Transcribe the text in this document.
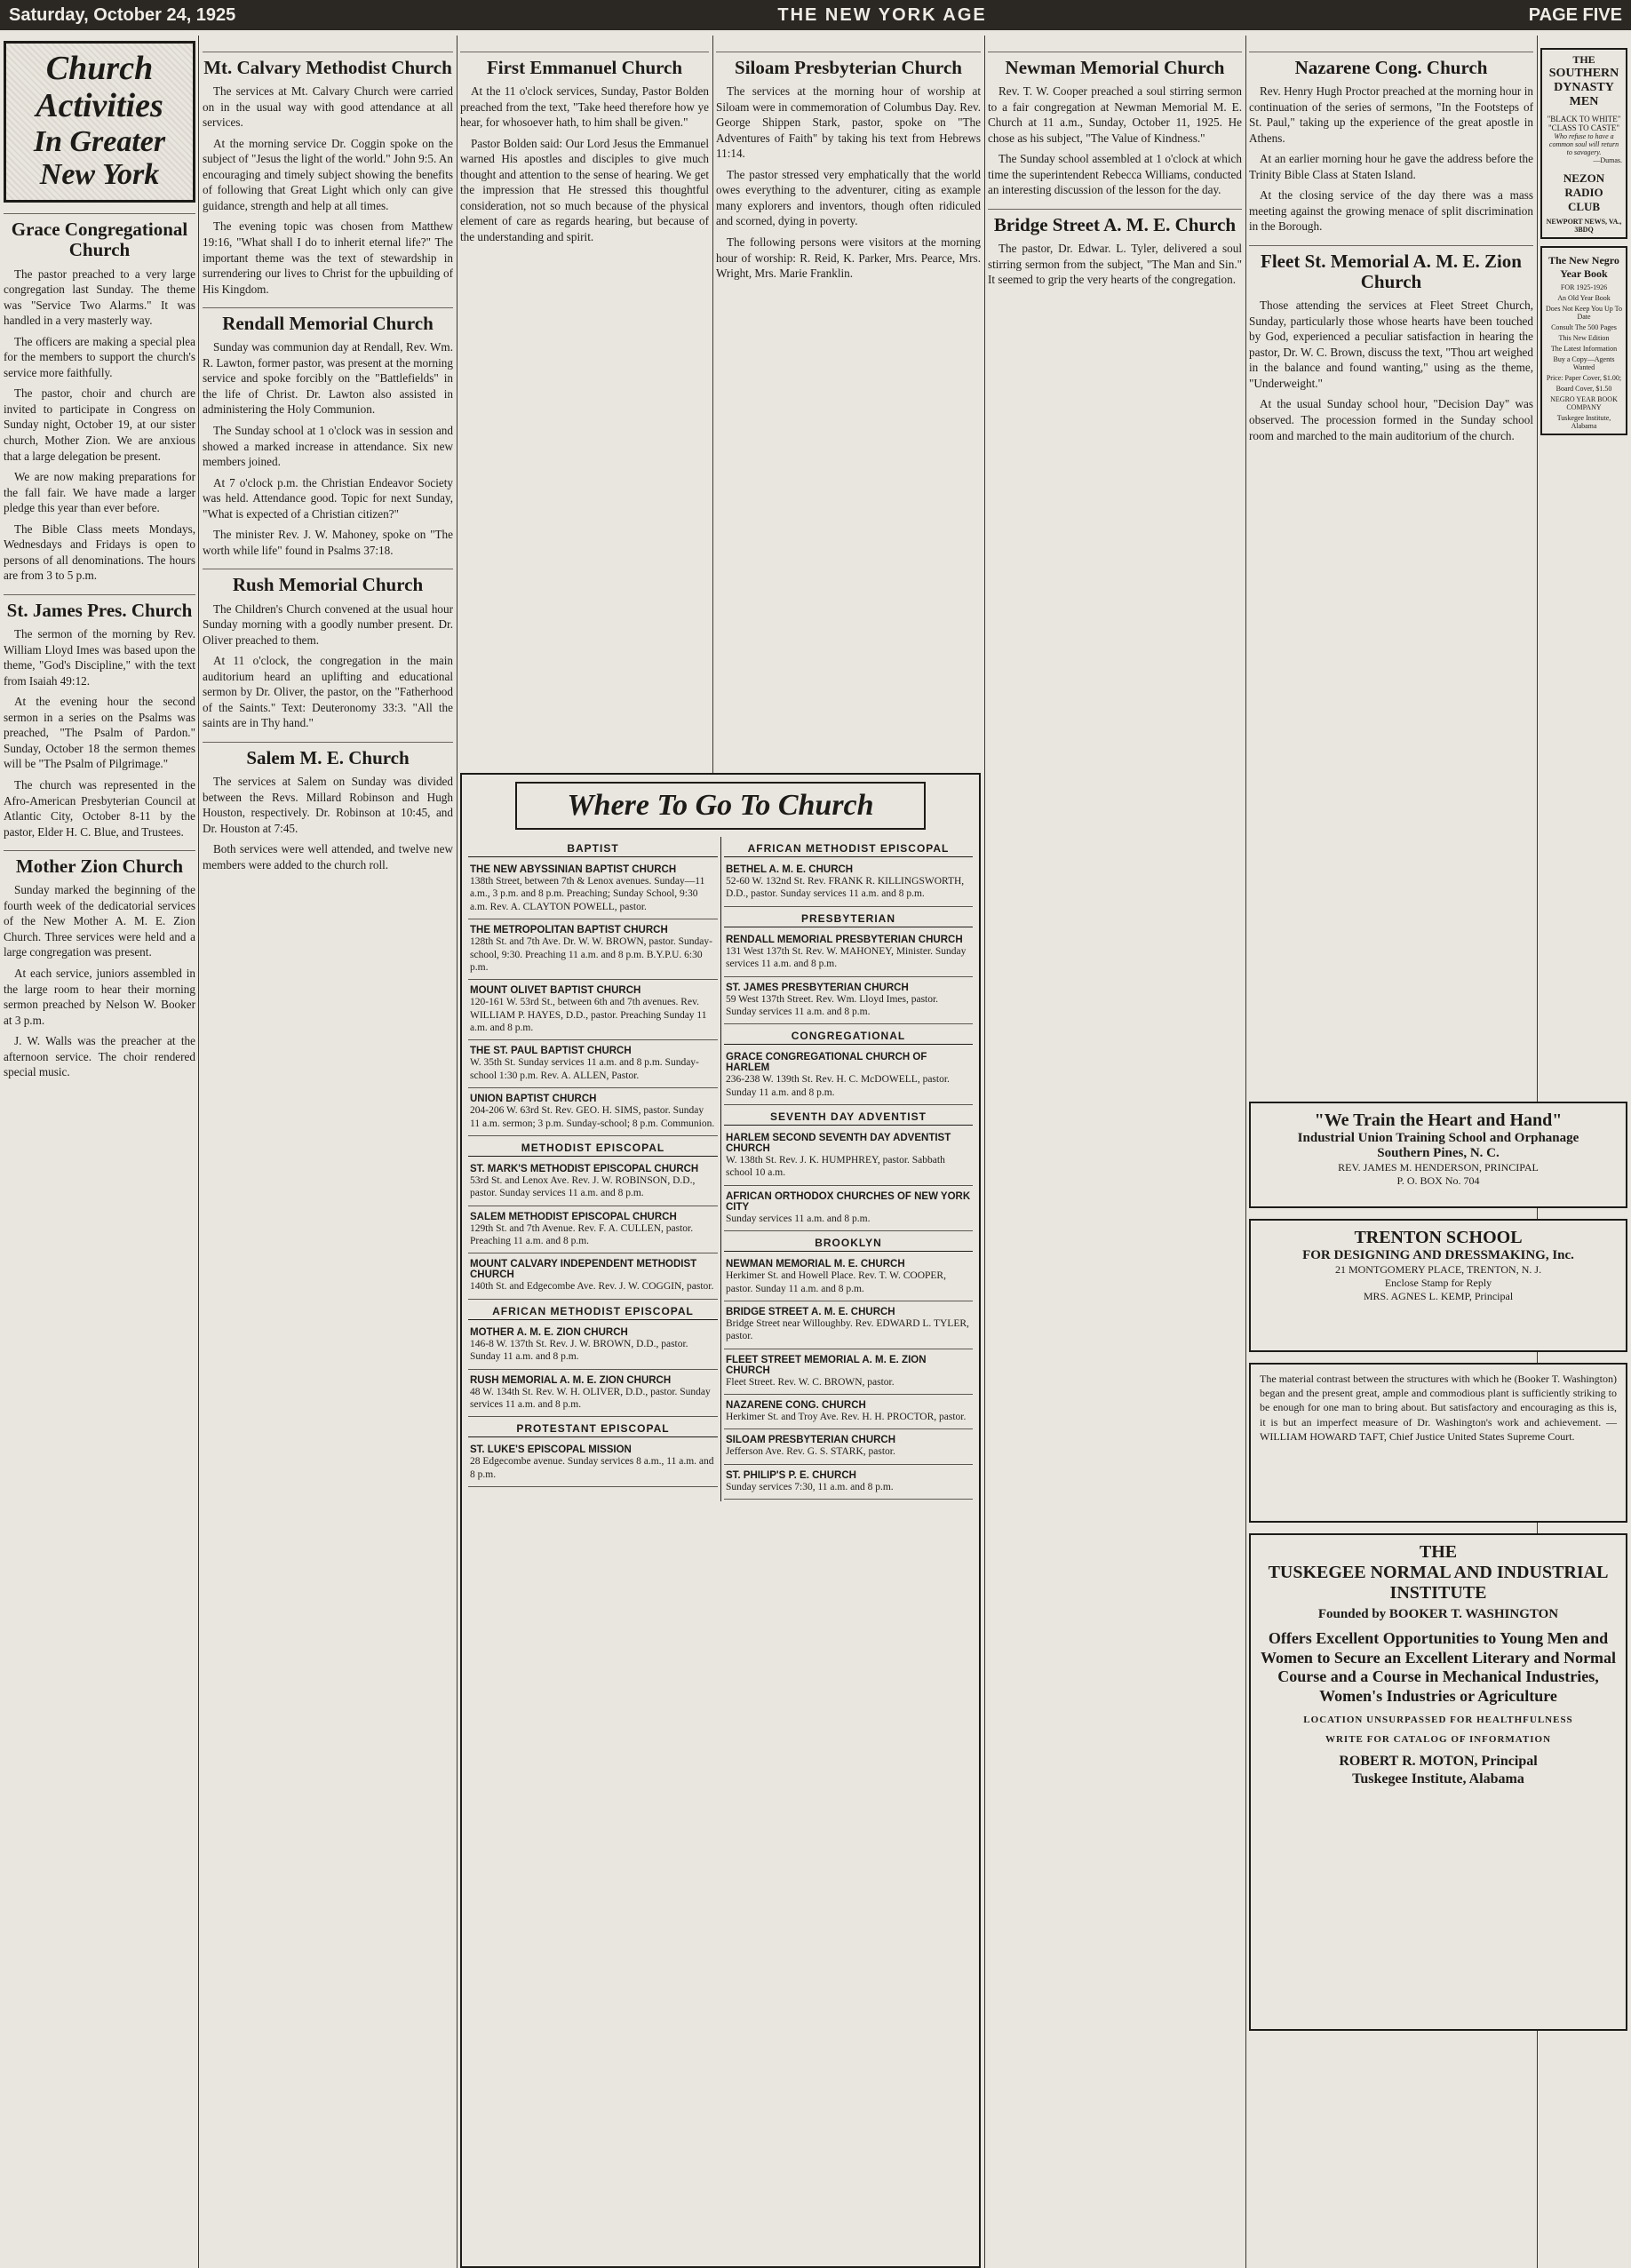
Saturday, October 24, 1925	THE NEW YORK AGE	PAGE FIVE
Church Activities
In Greater New York
Grace Congregational Church

The pastor preached to a very large congregation last Sunday. The theme was "Service Two Alarms." It was handled in a very masterly way.

The officers are making a special plea for the members to support the church's service more faithfully.

The pastor, choir and church are invited to participate in Congress on Sunday night, October 19, at our sister church, Mother Zion. We are anxious that a large delegation be present.

We are now making preparations for the fall fair. We have made a larger pledge this year than ever before.

The Bible Class meets Mondays, Wednesdays and Fridays is open to persons of all denominations. The hours are from 3 to 5 p.m.

St. James Pres. Church

The sermon of the morning by Rev. William Lloyd Imes was based upon the theme, "God's Discipline," with the text from Isaiah 49:12.

At the evening hour the second sermon in a series on the Psalms was preached, "The Psalm of Pardon." Sunday, October 18 the sermon themes will be "The Psalm of Pilgrimage."

The church was represented in the Afro-American Presbyterian Council at Atlantic City, October 8-11 by the pastor, Elder H. C. Blue, and Trustees.

Mother Zion Church

Sunday marked the beginning of the fourth week of the dedicatorial services of the New Mother A. M. E. Zion Church. Three services were held and a large congregation was present.

At each service, juniors assembled in the large room to hear their morning sermon preached by Nelson W. Booker at 3 p.m.

J. W. Walls was the preacher at the afternoon service. The choir rendered special music.

Mt. Calvary Methodist Church

The services at Mt. Calvary Church were carried on in the usual way with good attendance at all services.

At the morning service Dr. Coggin spoke on the subject of "Jesus the light of the world." John 9:5. An encouraging and timely subject showing the benefits of following that Great Light which only can give guidance, strength and help at all times.

The evening topic was chosen from Matthew 19:16, "What shall I do to inherit eternal life?" The important theme was the text of stewardship in surrendering our lives to Christ for the upbuilding of His Kingdom.

Rendall Memorial Church

Sunday was communion day at Rendall, Rev. Wm. R. Lawton, former pastor, was present at the morning service and spoke forcibly on the "Battlefields" in the life of Christ. Dr. Lawton also assisted in administering the Holy Communion.

The Sunday school at 1 o'clock was in session and showed a marked increase in attendance. Six new members joined.

At 7 o'clock p.m. the Christian Endeavor Society was held. Attendance good. Topic for next Sunday, "What is expected of a Christian citizen?"

The minister Rev. J. W. Mahoney, spoke on "The worth while life" found in Psalms 37:18.

Rush Memorial Church

The Children's Church convened at the usual hour Sunday morning with a goodly number present. Dr. Oliver preached to them.

At 11 o'clock, the congregation in the main auditorium heard an uplifting and educational sermon by Dr. Oliver, the pastor, on the "Fatherhood of the Saints." Text: Deuteronomy 33:3. "All the saints are in Thy hand."

Salem M. E. Church

The services at Salem on Sunday was divided between the Revs. Millard Robinson and Hugh Houston, respectively. Dr. Robinson at 10:45, and Dr. Houston at 7:45.

Both services were well attended, and twelve new members were added to the church roll.

First Emmanuel Church

At the 11 o'clock services, Sunday, Pastor Bolden preached from the text, "Take heed therefore how ye hear, for whosoever hath, to him shall be given."

Pastor Bolden said: Our Lord Jesus the Emmanuel warned His apostles and disciples to give much thought and attention to the sense of hearing. We get the impression that He stressed this thoughtful consideration, not so much because of the physical element of care as regards hearing, but because of the understanding and spirit.

Siloam Presbyterian Church

The services at the morning hour of worship at Siloam were in commemoration of Columbus Day. Rev. George Shippen Stark, pastor, spoke on "The Adventures of Faith" by taking his text from Hebrews 11:14.

The pastor stressed very emphatically that the world owes everything to the adventurer, citing as example many explorers and inventors, though often ridiculed and scorned, dying in poverty.

The following persons were visitors at the morning hour of worship: R. Reid, K. Parker, Mrs. Pearce, Mrs. Wright, Mrs. Marie Franklin.

Where To Go To Church
BAPTIST
THE NEW ABYSSINIAN BAPTIST CHURCH
138th Street, between 7th & Lenox avenues. Sunday—11 a.m., 3 p.m. and 8 p.m. Preaching; Sunday School, 9:30 a.m. Rev. A. CLAYTON POWELL, pastor.
THE METROPOLITAN BAPTIST CHURCH
128th St. and 7th Ave. Dr. W. W. BROWN, pastor. Sunday-school, 9:30. Preaching 11 a.m. and 8 p.m. B.Y.P.U. 6:30 p.m.
MOUNT OLIVET BAPTIST CHURCH
120-161 W. 53rd St., between 6th and 7th avenues. Rev. WILLIAM P. HAYES, D.D., pastor. Preaching Sunday 11 a.m. and 8 p.m.
THE ST. PAUL BAPTIST CHURCH
W. 35th St. Sunday services 11 a.m. and 8 p.m. Sunday-school 1:30 p.m. Rev. A. ALLEN, Pastor.
UNION BAPTIST CHURCH
204-206 W. 63rd St. Rev. GEO. H. SIMS, pastor. Sunday 11 a.m. sermon; 3 p.m. Sunday-school; 8 p.m. Communion.
METHODIST EPISCOPAL
ST. MARK'S METHODIST EPISCOPAL CHURCH
53rd St. and Lenox Ave. Rev. J. W. ROBINSON, D.D., pastor. Sunday services 11 a.m. and 8 p.m.
SALEM METHODIST EPISCOPAL CHURCH
129th St. and 7th Avenue. Rev. F. A. CULLEN, pastor. Preaching 11 a.m. and 8 p.m.
MOUNT CALVARY INDEPENDENT METHODIST CHURCH
140th St. and Edgecombe Ave. Rev. J. W. COGGIN, pastor.
AFRICAN METHODIST EPISCOPAL
MOTHER A. M. E. ZION CHURCH
146-8 W. 137th St. Rev. J. W. BROWN, D.D., pastor. Sunday 11 a.m. and 8 p.m.
RUSH MEMORIAL A. M. E. ZION CHURCH
48 W. 134th St. Rev. W. H. OLIVER, D.D., pastor. Sunday services 11 a.m. and 8 p.m.
PROTESTANT EPISCOPAL
ST. LUKE'S EPISCOPAL MISSION
28 Edgecombe avenue. Sunday services 8 a.m., 11 a.m. and 8 p.m.
AFRICAN METHODIST EPISCOPAL
BETHEL A. M. E. CHURCH
52-60 W. 132nd St. Rev. FRANK R. KILLINGSWORTH, D.D., pastor. Sunday services 11 a.m. and 8 p.m.
PRESBYTERIAN
RENDALL MEMORIAL PRESBYTERIAN CHURCH
131 West 137th St. Rev. W. MAHONEY, Minister. Sunday services 11 a.m. and 8 p.m.
ST. JAMES PRESBYTERIAN CHURCH
59 West 137th Street. Rev. Wm. Lloyd Imes, pastor. Sunday services 11 a.m. and 8 p.m.
CONGREGATIONAL
GRACE CONGREGATIONAL CHURCH OF HARLEM
236-238 W. 139th St. Rev. H. C. McDOWELL, pastor. Sunday 11 a.m. and 8 p.m.
SEVENTH DAY ADVENTIST
HARLEM SECOND SEVENTH DAY ADVENTIST CHURCH
W. 138th St. Rev. J. K. HUMPHREY, pastor. Sabbath school 10 a.m.
AFRICAN ORTHODOX CHURCHES OF NEW YORK CITY
Sunday services 11 a.m. and 8 p.m.
BROOKLYN
NEWMAN MEMORIAL M. E. CHURCH
Herkimer St. and Howell Place. Rev. T. W. COOPER, pastor. Sunday 11 a.m. and 8 p.m.
BRIDGE STREET A. M. E. CHURCH
Bridge Street near Willoughby. Rev. EDWARD L. TYLER, pastor.
FLEET STREET MEMORIAL A. M. E. ZION CHURCH
Fleet Street. Rev. W. C. BROWN, pastor.
NAZARENE CONG. CHURCH
Herkimer St. and Troy Ave. Rev. H. H. PROCTOR, pastor.
SILOAM PRESBYTERIAN CHURCH
Jefferson Ave. Rev. G. S. STARK, pastor.
ST. PHILIP'S P. E. CHURCH
Sunday services 7:30, 11 a.m. and 8 p.m.
Newman Memorial Church

Rev. T. W. Cooper preached a soul stirring sermon to a fair congregation at Newman Memorial M. E. Church at 11 a.m., Sunday, October 11, 1925. He chose as his subject, "The Value of Kindness."

The Sunday school assembled at 1 o'clock at which time the superintendent Rebecca Williams, conducted an interesting discussion of the lesson for the day.

Bridge Street A. M. E. Church

The pastor, Dr. Edwar. L. Tyler, delivered a soul stirring sermon from the subject, "The Man and Sin." It seemed to grip the very hearts of the congregation.

Nazarene Cong. Church

Rev. Henry Hugh Proctor preached at the morning hour in continuation of the series of sermons, "In the Footsteps of St. Paul," taking up the experience of the great apostle in Athens.

At an earlier morning hour he gave the address before the Trinity Bible Class at Staten Island.

At the closing service of the day there was a mass meeting against the growing menace of split discrimination in the Borough.

Fleet St. Memorial A. M. E. Zion Church

Those attending the services at Fleet Street Church, Sunday, particularly those whose hearts have been touched by God, experienced a peculiar satisfaction in hearing the pastor, Dr. W. C. Brown, discuss the text, "Thou art weighed in the balance and found wanting," using as the theme, "Underweight."

At the usual Sunday school hour, "Decision Day" was observed. The procession formed in the Sunday school room and marched to the main auditorium of the church.

THE
SOUTHERN
DYNASTY
MEN
"BLACK TO WHITE"
"CLASS TO CASTE"
Who refuse to have a common soul will return to savagery.
—Dumas.
NEZON
RADIO
CLUB
NEWPORT NEWS, VA., 3BDQ
The New Negro Year Book
FOR 1925-1926
An Old Year Book
Does Not Keep You Up To Date
Consult The 500 Pages
This New Edition
The Latest Information
Buy a Copy—Agents Wanted
Price: Paper Cover, $1.00;
Board Cover, $1.50
NEGRO YEAR BOOK COMPANY
Tuskegee Institute, Alabama
"We Train the Heart and Hand"
Industrial Union Training School and Orphanage
Southern Pines, N. C.
REV. JAMES M. HENDERSON, PRINCIPAL
P. O. BOX No. 704
TRENTON SCHOOL
FOR DESIGNING AND DRESSMAKING, Inc.
21 MONTGOMERY PLACE, TRENTON, N. J.
Enclose Stamp for Reply
MRS. AGNES L. KEMP, Principal
The material contrast between the structures with which he (Booker T. Washington) began and the present great, ample and commodious plant is sufficiently striking to be enough for one man to bring about. But satisfactory and encouraging as this is, it is but an imperfect measure of Dr. Washington's work and achievement. —WILLIAM HOWARD TAFT, Chief Justice United States Supreme Court.
THE
TUSKEGEE NORMAL AND INDUSTRIAL INSTITUTE
Founded by BOOKER T. WASHINGTON
Offers Excellent Opportunities to Young Men and Women to Secure an Excellent Literary and Normal Course and a Course in Mechanical Industries, Women's Industries or Agriculture
LOCATION UNSURPASSED FOR HEALTHFULNESS
WRITE FOR CATALOG OF INFORMATION
ROBERT R. MOTON, Principal
Tuskegee Institute, Alabama
